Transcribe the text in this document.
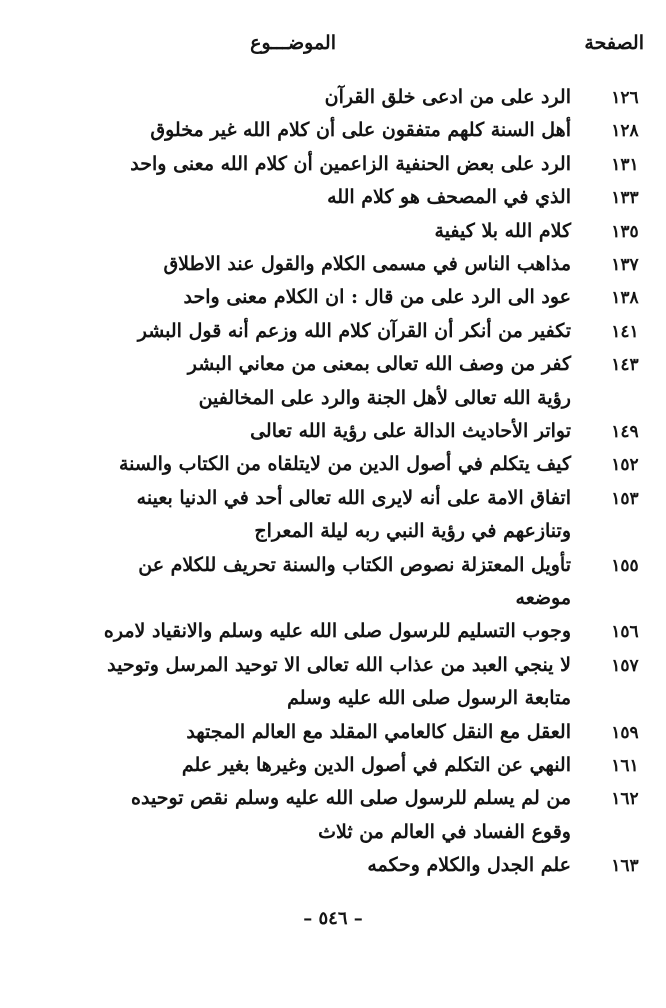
الصفحة
الموضـــوع
١٢٦
الرد على من ادعى خلق القرآن
١٢٨
أهل السنة كلهم متفقون على أن كلام الله غير مخلوق
١٣١
الرد على بعض الحنفية الزاعمين أن كلام الله معنى واحد
١٣٣
الذي في المصحف هو كلام الله
١٣٥
كلام الله بلا كيفية
١٣٧
مذاهب الناس في مسمى الكلام والقول عند الاطلاق
١٣٨
عود الى الرد على من قال : ان الكلام معنى واحد
١٤١
تكفير من أنكر أن القرآن كلام الله وزعم أنه قول البشر
١٤٣
كفر من وصف الله تعالى بمعنى من معاني البشر
رؤية الله تعالى لأهل الجنة والرد على المخالفين
١٤٩
تواتر الأحاديث الدالة على رؤية الله تعالى
١٥٢
كيف يتكلم في أصول الدين من لايتلقاه من الكتاب والسنة
١٥٣
اتفاق الامة على أنه لايرى الله تعالى أحد في الدنيا بعينه
وتنازعهم في رؤية النبي ربه ليلة المعراج
١٥٥
تأويل المعتزلة نصوص الكتاب والسنة تحريف للكلام عن
موضعه
١٥٦
وجوب التسليم للرسول صلى الله عليه وسلم والانقياد لامره
١٥٧
لا ينجي العبد من عذاب الله تعالى الا توحيد المرسل وتوحيد
متابعة الرسول صلى الله عليه وسلم
١٥٩
العقل مع النقل كالعامي المقلد مع العالم المجتهد
١٦١
النهي عن التكلم في أصول الدين وغيرها بغير علم
١٦٢
من لم يسلم للرسول صلى الله عليه وسلم نقص توحيده
وقوع الفساد في العالم من ثلاث
١٦٣
علم الجدل والكلام وحكمه
– ٥٤٦ –
